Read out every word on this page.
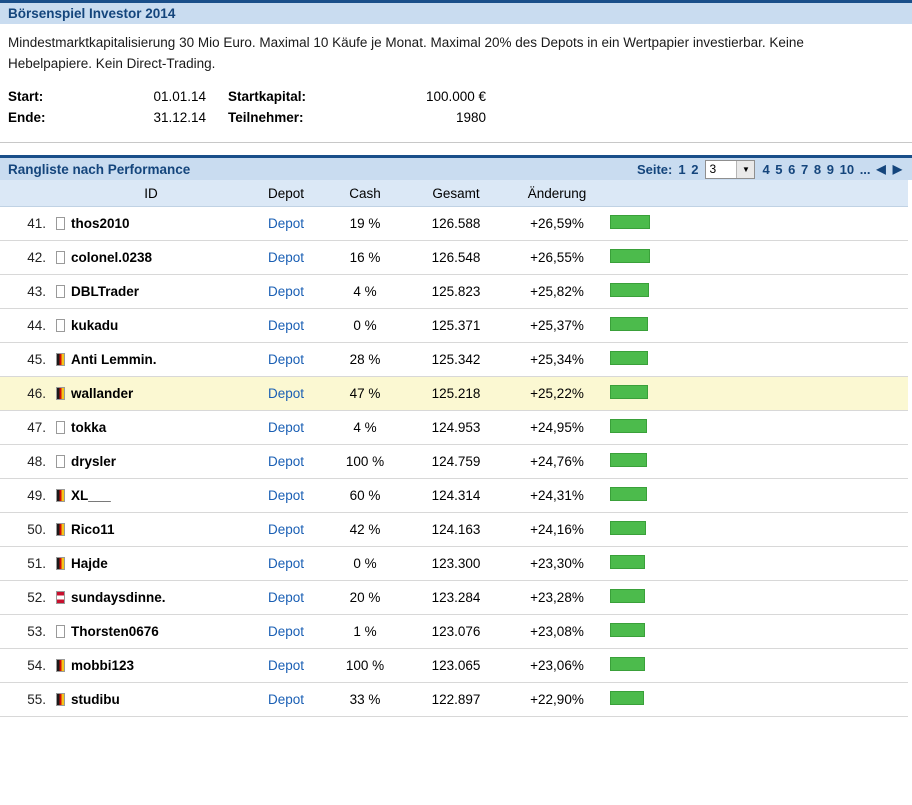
Börsenspiel Investor 2014
Mindestmarktkapitalisierung 30 Mio Euro. Maximal 10 Käufe je Monat. Maximal 20% des Depots in ein Wertpapier investierbar. Keine Hebelpapiere. Kein Direct-Trading.
Start:	01.01.14	Startkapital:	100.000 €
Ende:	31.12.14	Teilnehmer:	1980
Rangliste nach Performance	Seite: 1 2 3	▼ 4 5 6 7 8 9 10 ... ◀ ▶
	ID	Depot	Cash	Gesamt	Änderung	
41.	thos2010	Depot	19 %	126.588	+26,59%	
42.	colonel.0238	Depot	16 %	126.548	+26,55%	
43.	DBLTrader	Depot	4 %	125.823	+25,82%	
44.	kukadu	Depot	0 %	125.371	+25,37%	
45.	Anti Lemmin.	Depot	28 %	125.342	+25,34%	
46.	wallander	Depot	47 %	125.218	+25,22%	
47.	tokka	Depot	4 %	124.953	+24,95%	
48.	drysler	Depot	100 %	124.759	+24,76%	
49.	XL___	Depot	60 %	124.314	+24,31%	
50.	Rico11	Depot	42 %	124.163	+24,16%	
51.	Hajde	Depot	0 %	123.300	+23,30%	
52.	sundaysdinne.	Depot	20 %	123.284	+23,28%	
53.	Thorsten0676	Depot	1 %	123.076	+23,08%	
54.	mobbi123	Depot	100 %	123.065	+23,06%	
55.	studibu	Depot	33 %	122.897	+22,90%	
